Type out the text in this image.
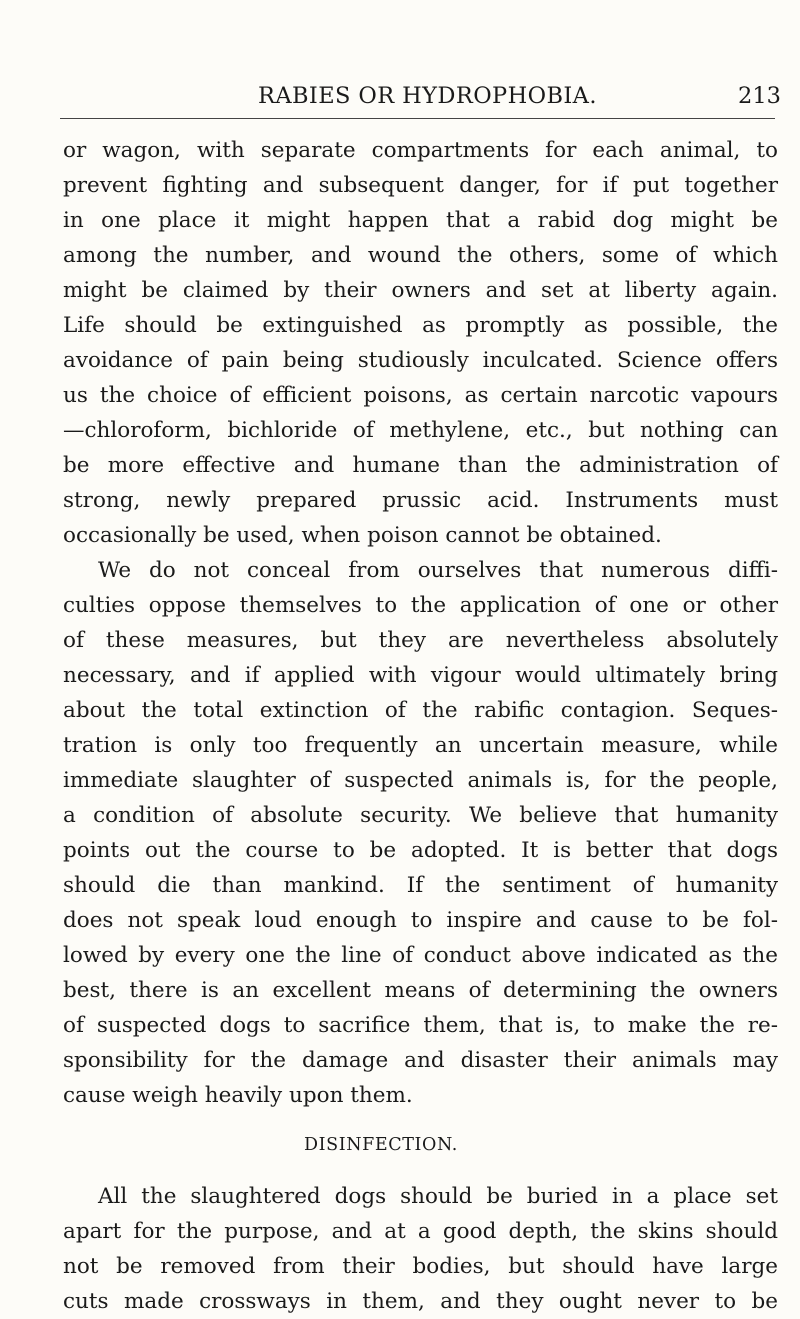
RABIES OR HYDROPHOBIA.	213
or wagon, with separate compartments for each animal, to
prevent fighting and subsequent danger, for if put together
in one place it might happen that a rabid dog might be
among the number, and wound the others, some of which
might be claimed by their owners and set at liberty again.
Life should be extinguished as promptly as possible, the
avoidance of pain being studiously inculcated. Science offers
us the choice of efficient poisons, as certain narcotic vapours
—chloroform, bichloride of methylene, etc., but nothing can
be more effective and humane than the administration of
strong, newly prepared prussic acid. Instruments must
occasionally be used, when poison cannot be obtained.
We do not conceal from ourselves that numerous diffi-
culties oppose themselves to the application of one or other
of these measures, but they are nevertheless absolutely
necessary, and if applied with vigour would ultimately bring
about the total extinction of the rabific contagion. Seques-
tration is only too frequently an uncertain measure, while
immediate slaughter of suspected animals is, for the people,
a condition of absolute security. We believe that humanity
points out the course to be adopted. It is better that dogs
should die than mankind. If the sentiment of humanity
does not speak loud enough to inspire and cause to be fol-
lowed by every one the line of conduct above indicated as the
best, there is an excellent means of determining the owners
of suspected dogs to sacrifice them, that is, to make the re-
sponsibility for the damage and disaster their animals may
cause weigh heavily upon them.
DISINFECTION.
All the slaughtered dogs should be buried in a place set
apart for the purpose, and at a good depth, the skins should
not be removed from their bodies, but should have large
cuts made crossways in them, and they ought never to be
